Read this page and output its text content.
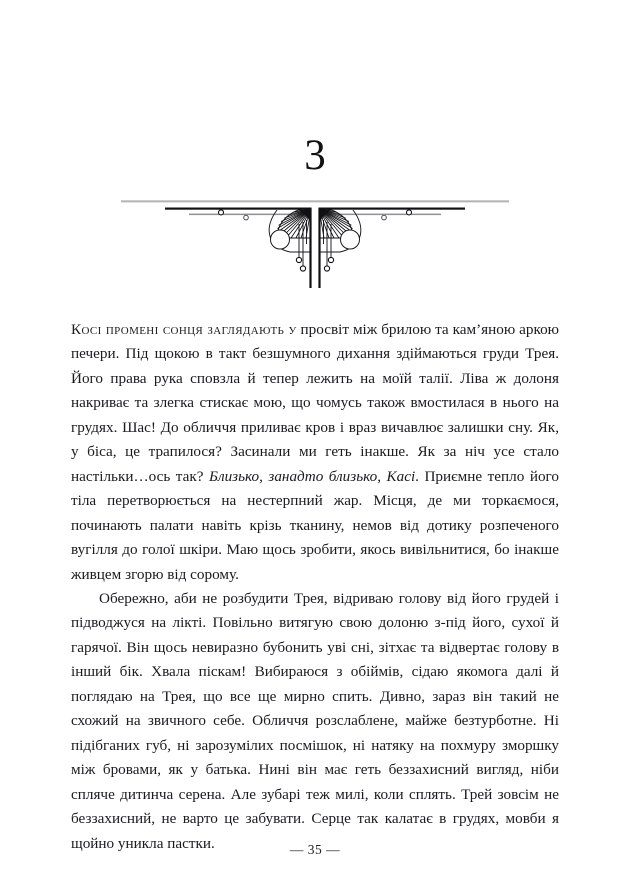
3

Косі промені сонця заглядають у просвіт між брилою та кам’яною аркою печери. Під щокою в такт безшумного дихання здіймаються груди Трея. Його права рука сповзла й тепер лежить на моїй талії. Ліва ж долоня накриває та злегка стискає мою, що чомусь також вмостилася в нього на грудях. Шас! До обличчя приливає кров і враз вичавлює залишки сну. Як, у біса, це трапилося? Засинали ми геть інакше. Як за ніч усе стало настільки…ось так? Близько, занадто близько, Касі. Приємне тепло його тіла перетворюється на нестерпний жар. Місця, де ми торкаємося, починають палати навіть крізь тканину, немов від дотику розпеченого вугілля до голої шкіри. Маю щось зробити, якось вивільнитися, бо інакше живцем згорю від сорому.

Обережно, аби не розбудити Трея, відриваю голову від його грудей і підводжуся на лікті. Повільно витягую свою долоню з-під його, сухої й гарячої. Він щось невиразно бубонить уві сні, зітхає та відвертає голову в інший бік. Хвала піскам! Вибираюся з обіймів, сідаю якомога далі й поглядаю на Трея, що все ще мирно спить. Дивно, зараз він такий не схожий на звичного себе. Обличчя розслаблене, майже безтурботне. Ні підібганих губ, ні зарозумілих посмішок, ні натяку на похмуру зморшку між бровами, як у батька. Нині він має геть беззахисний вигляд, ніби спляче дитинча серена. Але зубарі теж милі, коли сплять. Трей зовсім не беззахисний, не варто це забувати. Серце так калатає в грудях, мовби я щойно уникла пастки.	— 35 —
